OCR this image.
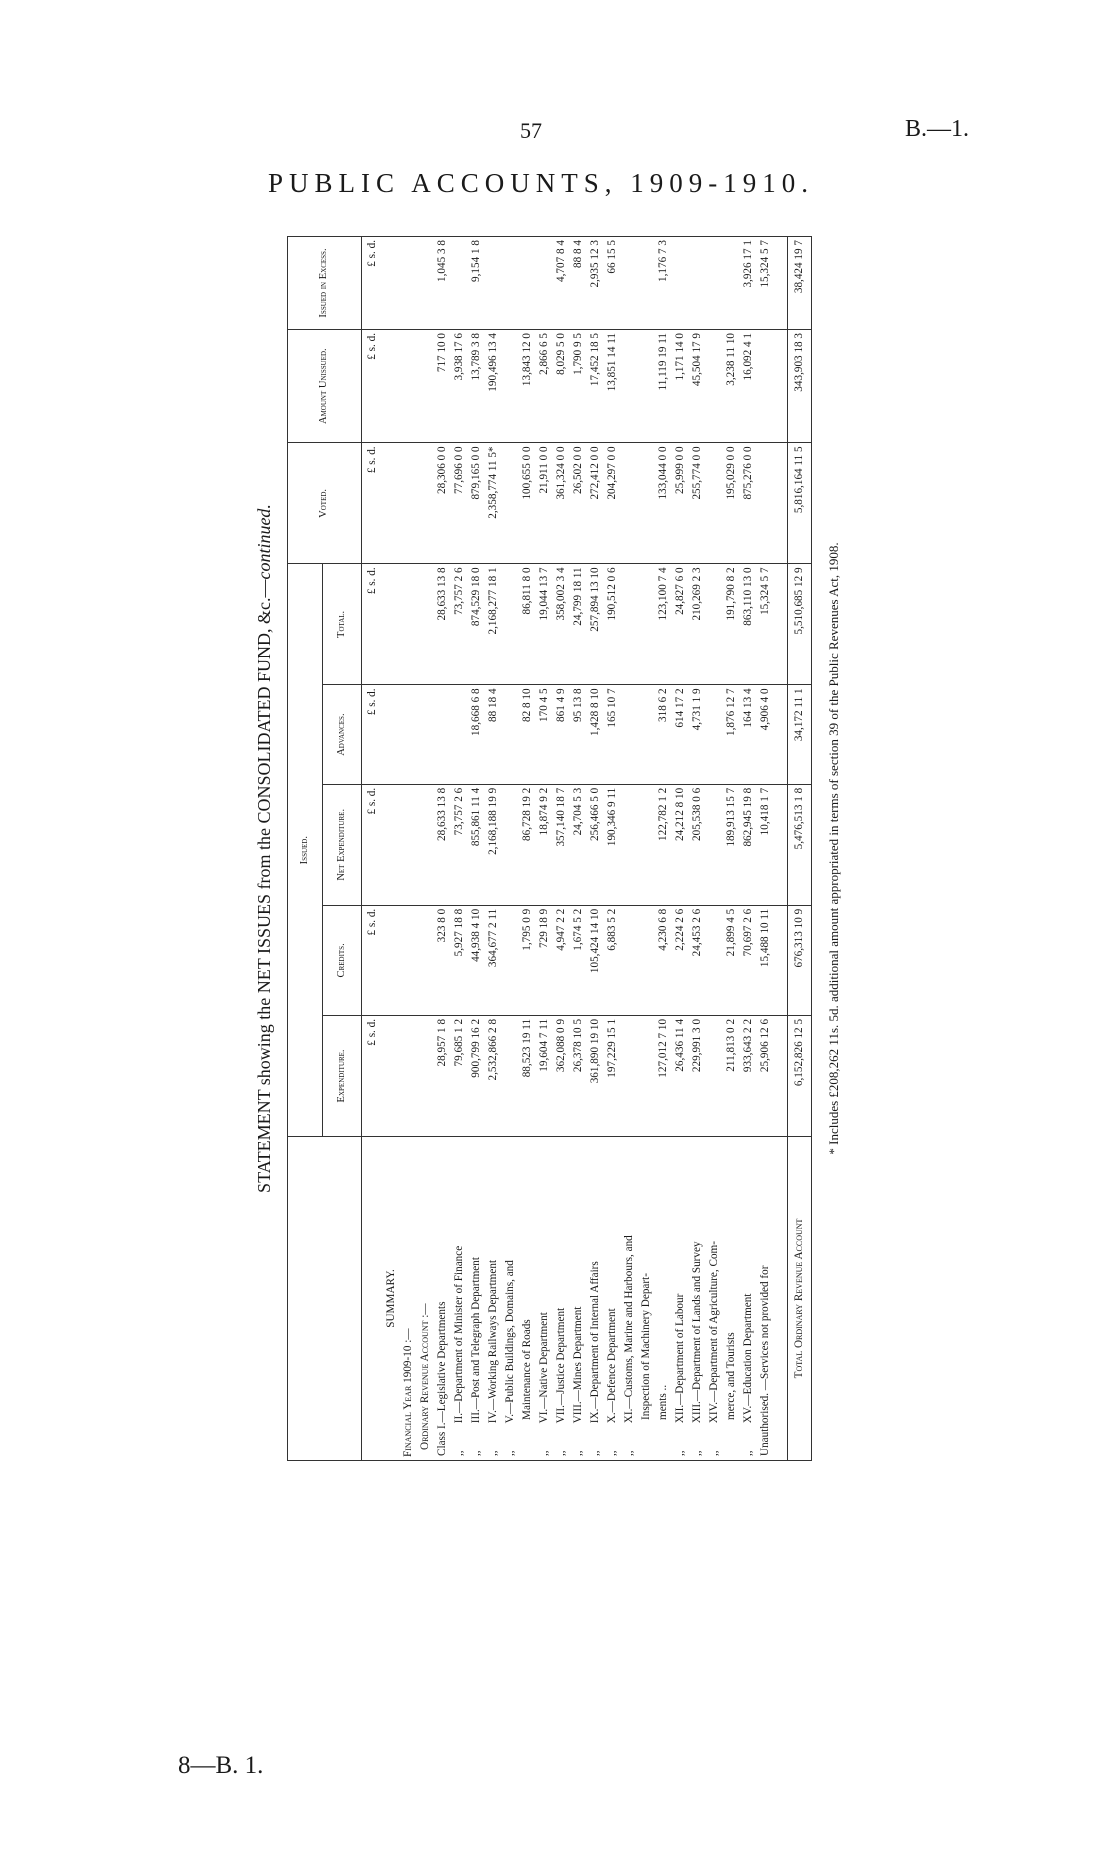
57	B.—1.
PUBLIC ACCOUNTS, 1909-1910.
8—B. 1.
STATEMENT showing the NET ISSUES from the CONSOLIDATED FUND, &c.—continued.
	Issued.					Voted.	Amount Unissued.	Issued in Excess.
	Expenditure.	Credits.	Net Expenditure.	Advances.	Total.			
	£ s. d.	£ s. d.	£ s. d.	£ s. d.	£ s. d.	£ s. d.	£ s. d.	£ s. d.
SUMMARY.								
Financial Year 1909-10 :—								
Ordinary Revenue Account :—								
Class I.—Legislative Departments	28,957 1 8	323 8 0	28,633 13 8		28,633 13 8	28,306 0 0	717 10 0	1,045 3 8
,, II.—Department of Minister of Finance	79,685 1 2	5,927 18 8	73,757 2 6		73,757 2 6	77,696 0 0	3,938 17 6	
,, III.—Post and Telegraph Department	900,799 16 2	44,938 4 10	855,861 11 4	18,668 6 8	874,529 18 0	879,165 0 0	13,789 3 8	9,154 1 8
,, IV.—Working Railways Department	2,532,866 2 8	364,677 2 11	2,168,188 19 9	88 18 4	2,168,277 18 1	2,358,774 11 5*	190,496 13 4	
,, V.—Public Buildings, Domains, and								
Maintenance of Roads	88,523 19 11	1,795 0 9	86,728 19 2	82 8 10	86,811 8 0	100,655 0 0	13,843 12 0	
,, VI.—Native Department	19,604 7 11	729 18 9	18,874 9 2	170 4 5	19,044 13 7	21,911 0 0	2,866 6 5	
,, VII.—Justice Department	362,088 0 9	4,947 2 2	357,140 18 7	861 4 9	358,002 3 4	361,324 0 0	8,029 5 0	4,707 8 4
,, VIII.—Mines Department	26,378 10 5	1,674 5 2	24,704 5 3	95 13 8	24,799 18 11	26,502 0 0	1,790 9 5	88 8 4
,, IX.—Department of Internal Affairs	361,890 19 10	105,424 14 10	256,466 5 0	1,428 8 10	257,894 13 10	272,412 0 0	17,452 18 5	2,935 12 3
,, X.—Defence Department	197,229 15 1	6,883 5 2	190,346 9 11	165 10 7	190,512 0 6	204,297 0 0	13,851 14 11	66 15 5
,, XI.—Customs, Marine and Harbours, and								
Inspection of Machinery Depart-								
ments ..	127,012 7 10	4,230 6 8	122,782 1 2	318 6 2	123,100 7 4	133,044 0 0	11,119 19 11	1,176 7 3
,, XII.—Department of Labour	26,436 11 4	2,224 2 6	24,212 8 10	614 17 2	24,827 6 0	25,999 0 0	1,171 14 0	
,, XIII.—Department of Lands and Survey	229,991 3 0	24,453 2 6	205,538 0 6	4,731 1 9	210,269 2 3	255,774 0 0	45,504 17 9	
,, XIV.—Department of Agriculture, Com-								
merce, and Tourists	211,813 0 2	21,899 4 5	189,913 15 7	1,876 12 7	191,790 8 2	195,029 0 0	3,238 11 10	
,, XV.—Education Department	933,643 2 2	70,697 2 6	862,945 19 8	164 13 4	863,110 13 0	875,276 0 0	16,092 4 1	3,926 17 1
Unauthorised. —Services not provided for	25,906 12 6	15,488 10 11	10,418 1 7	4,906 4 0	15,324 5 7			15,324 5 7

Total Ordinary Revenue Account	6,152,826 12 5	676,313 10 9	5,476,513 1 8	34,172 11 1	5,510,685 12 9	5,816,164 11 5	343,903 18 3	38,424 19 7
* Includes £208,262 11s. 5d. additional amount appropriated in terms of section 39 of the Public Revenues Act, 1908.
